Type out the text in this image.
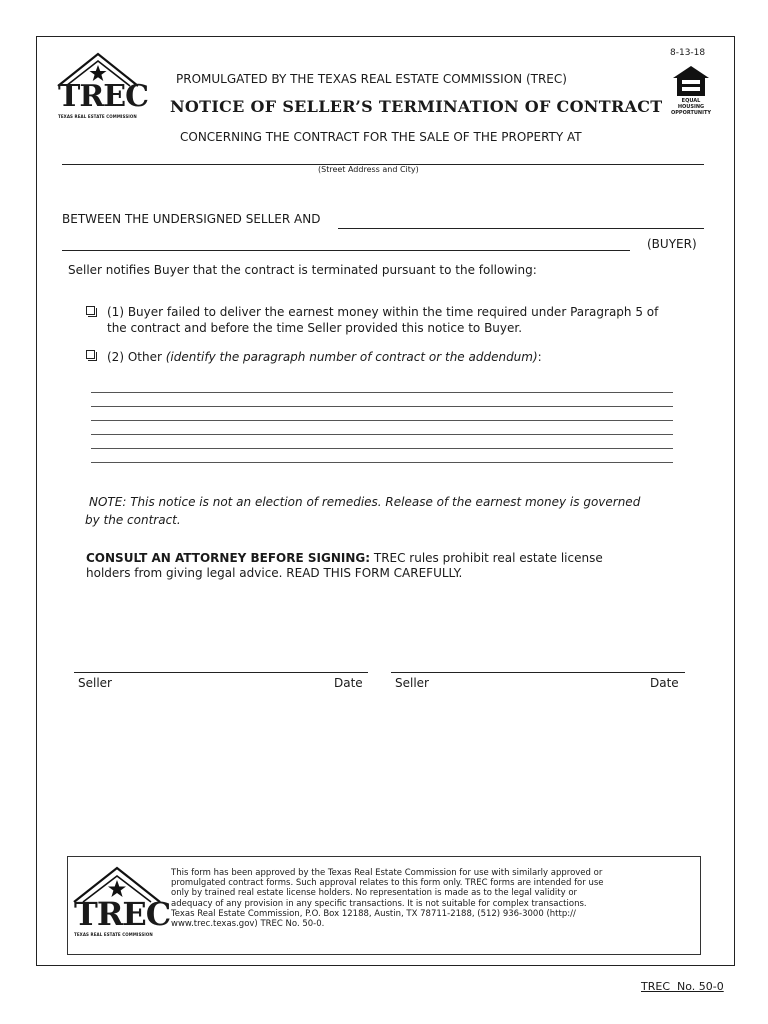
TREC
TEXAS REAL ESTATE COMMISSION
PROMULGATED BY THE TEXAS REAL ESTATE COMMISSION (TREC)
NOTICE OF SELLER’S TERMINATION OF CONTRACT
CONCERNING THE CONTRACT FOR THE SALE OF THE PROPERTY AT
8-13-18
EQUAL
HOUSING
OPPORTUNITY
(Street Address and City)
BETWEEN THE UNDERSIGNED SELLER AND
(BUYER)
Seller notifies Buyer that the contract is terminated pursuant to the following:
(1) Buyer failed to deliver the earnest money within the time required under Paragraph 5 of
the contract and before the time Seller provided this notice to Buyer.
(2) Other (identify the paragraph number of contract or the addendum):
NOTE: This notice is not an election of remedies. Release of the earnest money is governed
by the contract.
CONSULT AN ATTORNEY BEFORE SIGNING: TREC rules prohibit real estate license
holders from giving legal advice. READ THIS FORM CAREFULLY.
Seller	Date	Seller	Date
TREC
TEXAS REAL ESTATE COMMISSION
This form has been approved by the Texas Real Estate Commission for use with similarly approved or
promulgated contract forms. Such approval relates to this form only. TREC forms are intended for use
only by trained real estate license holders. No representation is made as to the legal validity or
adequacy of any provision in any specific transactions. It is not suitable for complex transactions.
Texas Real Estate Commission, P.O. Box 12188, Austin, TX 78711-2188, (512) 936-3000 (http://
www.trec.texas.gov) TREC No. 50-0.
TREC  No. 50-0
